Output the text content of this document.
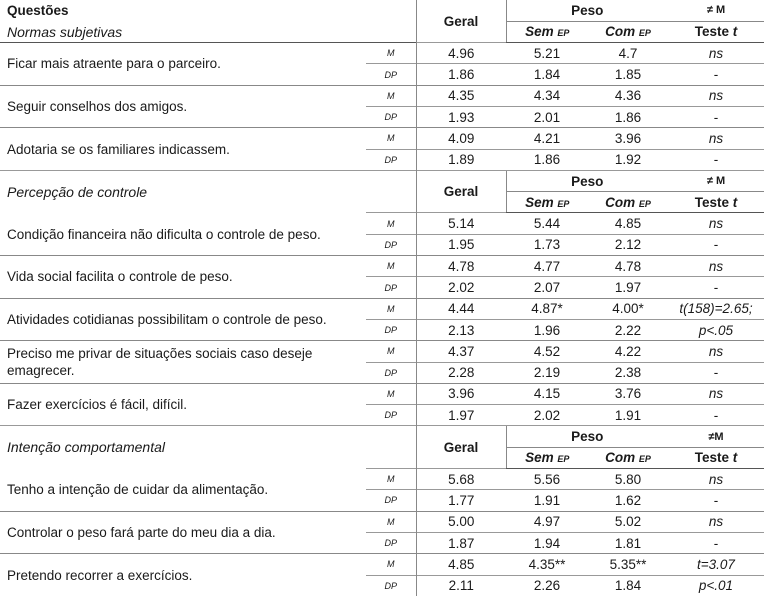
Questões		Geral	Peso		≠ M
Normas subjetivas			Sem EP	Com EP	Teste t
Ficar mais atraente para o parceiro.	M	4.96	5.21	4.7	ns
	DP	1.86	1.84	1.85	-
Seguir conselhos dos amigos.	M	4.35	4.34	4.36	ns
	DP	1.93	2.01	1.86	-
Adotaria se os familiares indicassem.	M	4.09	4.21	3.96	ns
	DP	1.89	1.86	1.92	-
Percepção de controle		Geral	Peso		≠ M
			Sem EP	Com EP	Teste t
Condição financeira não dificulta o controle de peso.	M	5.14	5.44	4.85	ns
	DP	1.95	1.73	2.12	-
Vida social facilita o controle de peso.	M	4.78	4.77	4.78	ns
	DP	2.02	2.07	1.97	-
Atividades cotidianas possibilitam o controle de peso.	M	4.44	4.87*	4.00*	t(158)=2.65;
	DP	2.13	1.96	2.22	p<.05
Preciso me privar de situações sociais caso deseje emagrecer.	M	4.37	4.52	4.22	ns
	DP	2.28	2.19	2.38	-
Fazer exercícios é fácil, difícil.	M	3.96	4.15	3.76	ns
	DP	1.97	2.02	1.91	-
Intenção comportamental		Geral	Peso		≠M
			Sem EP	Com EP	Teste t
Tenho a intenção de cuidar da alimentação.	M	5.68	5.56	5.80	ns
	DP	1.77	1.91	1.62	-
Controlar o peso fará parte do meu dia a dia.	M	5.00	4.97	5.02	ns
	DP	1.87	1.94	1.81	-
Pretendo recorrer a exercícios.	M	4.85	4.35**	5.35**	t=3.07
	DP	2.11	2.26	1.84	p<.01
